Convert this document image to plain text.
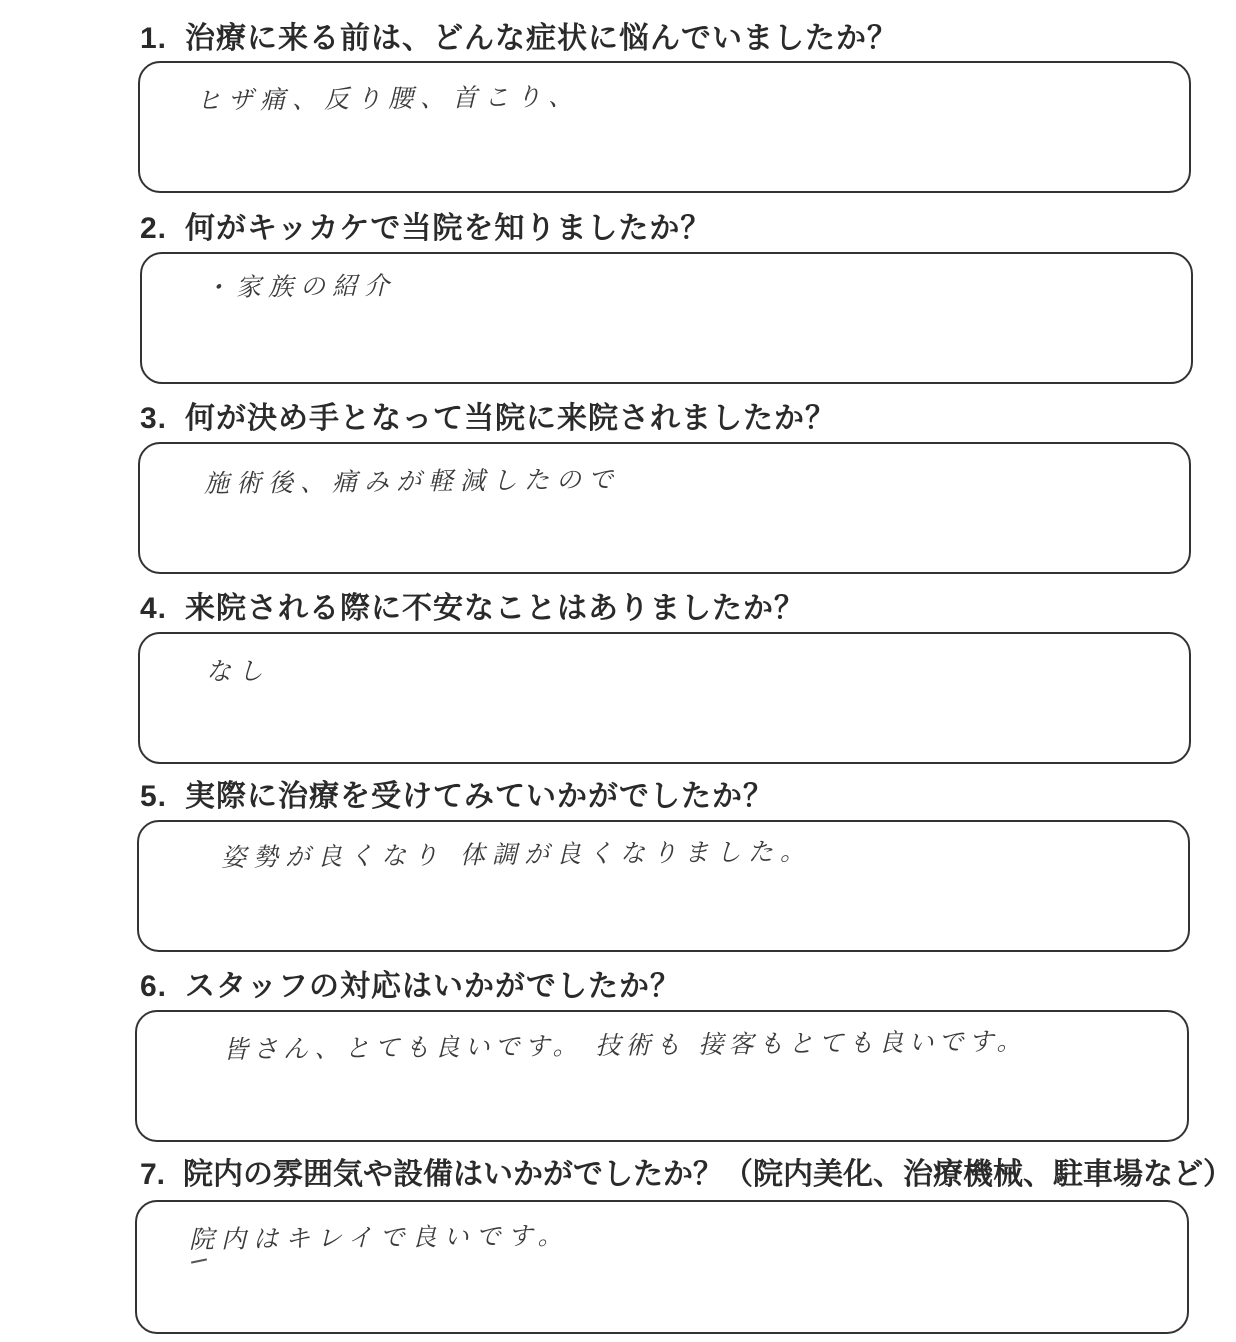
1. 治療に来る前は、どんな症状に悩んでいましたか？
ヒザ痛、反り腰、首こり、
2. 何がキッカケで当院を知りましたか？
・家族の紹介
3. 何が決め手となって当院に来院されましたか？
施術後、痛みが軽減したので
4. 来院される際に不安なことはありましたか？
なし
5. 実際に治療を受けてみていかがでしたか？
姿勢が良くなり 体調が良くなりました。
6. スタッフの対応はいかがでしたか？
皆さん、とても良いです。 技術も 接客もとても良いです。
7. 院内の雰囲気や設備はいかがでしたか？（院内美化、治療機械、駐車場など）
院内はキレイで良いです。
